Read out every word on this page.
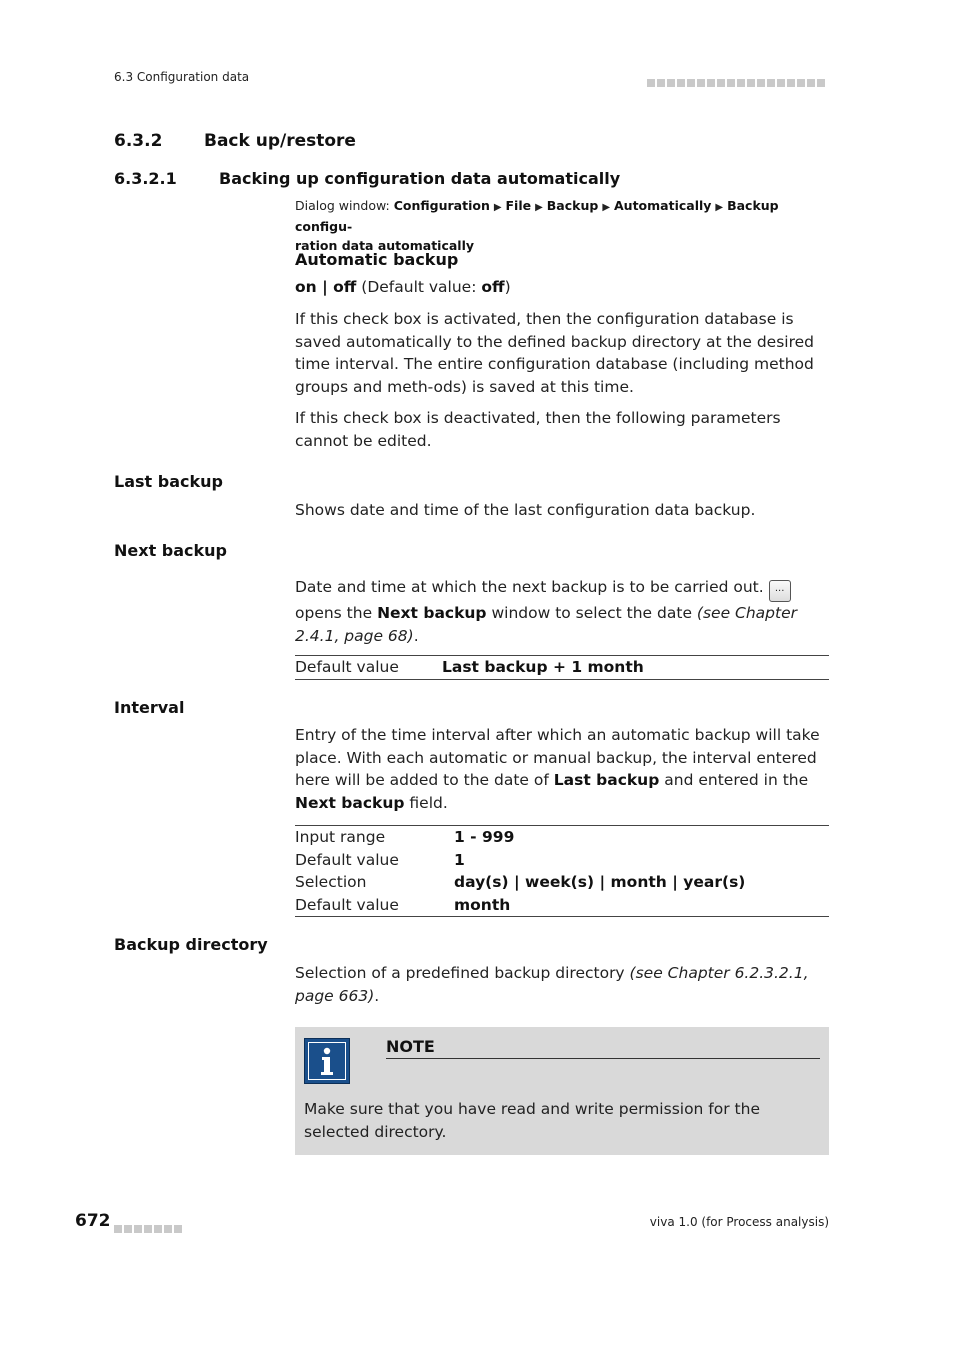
6.3 Configuration data
6.3.2 Back up/restore
6.3.2.1	Backing up configuration data automatically
Dialog window: Configuration ▶ File ▶ Backup ▶ Automatically ▶ Backup configu-
ration data automatically
Automatic backup
on | off (Default value: off)
If this check box is activated, then the configuration database is saved automatically to the defined backup directory at the desired time interval. The entire configuration database (including method groups and meth-ods) is saved at this time.
If this check box is deactivated, then the following parameters cannot be edited.
Last backup
Shows date and time of the last configuration data backup.
Next backup
Date and time at which the next backup is to be carried out. ... opens the Next backup window to select the date (see Chapter 2.4.1, page 68).
Default value	Last backup + 1 month
Interval
Entry of the time interval after which an automatic backup will take place. With each automatic or manual backup, the interval entered here will be added to the date of Last backup and entered in the Next backup field.
Input range	1 - 999
Default value	1
Selection	day(s) | week(s) | month | year(s)
Default value	month
Backup directory
Selection of a predefined backup directory (see Chapter 6.2.3.2.1, page 663).
NOTE
Make sure that you have read and write permission for the selected directory.
672	viva 1.0 (for Process analysis)
